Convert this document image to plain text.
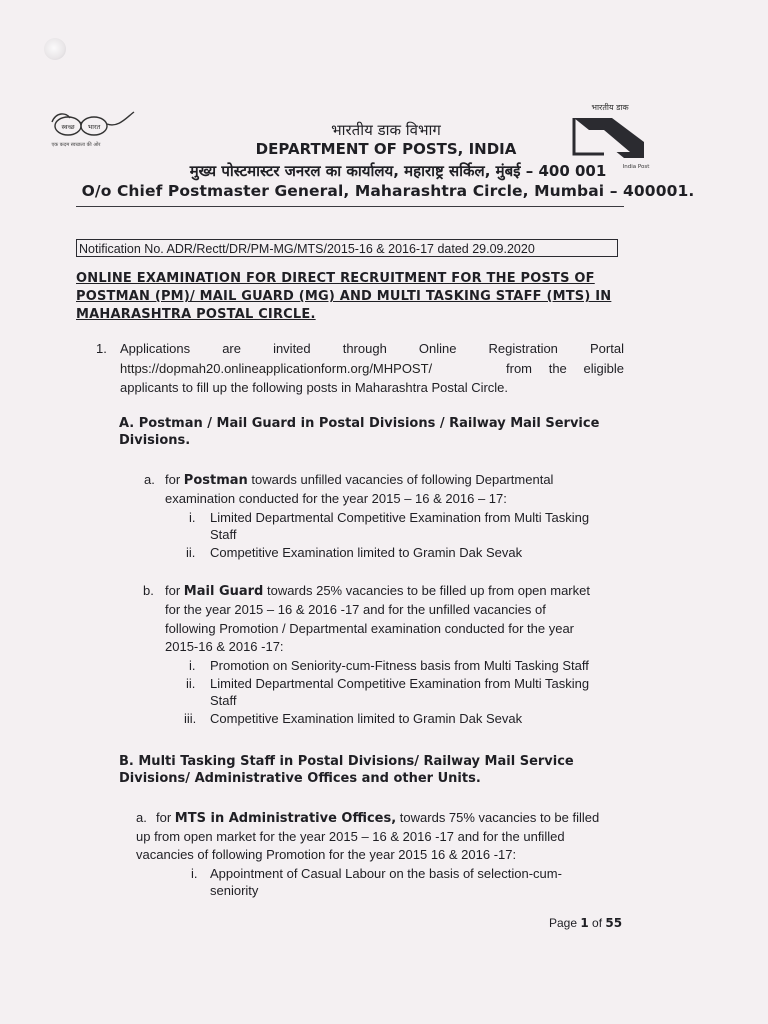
स्वच्छ भारत
एक कदम स्वच्छता की ओर
भारतीय डाक
India Post
भारतीय डाक विभाग
DEPARTMENT OF POSTS, INDIA
मुख्य पोस्टमास्टर जनरल का कार्यालय, महाराष्ट्र सर्किल, मुंबई – 400 001
O/o Chief Postmaster General, Maharashtra Circle, Mumbai – 400001.
Notification No. ADR/Rectt/DR/PM-MG/MTS/2015-16 & 2016-17 dated 29.09.2020
ONLINE EXAMINATION FOR DIRECT RECRUITMENT FOR THE POSTS OF
POSTMAN (PM)/ MAIL GUARD (MG) AND MULTI TASKING STAFF (MTS) IN
MAHARASHTRA POSTAL CIRCLE.
1. Applications are invited through Online Registration Portal
https://dopmah20.onlineapplicationform.org/MHPOST/	from the eligible
applicants to fill up the following posts in Maharashtra Postal Circle.
A. Postman / Mail Guard in Postal Divisions / Railway Mail Service
Divisions.
a. for Postman towards unfilled vacancies of following Departmental
examination conducted for the year 2015 – 16 & 2016 – 17:
i. Limited Departmental Competitive Examination from Multi Tasking
Staff
ii. Competitive Examination limited to Gramin Dak Sevak
b. for Mail Guard towards 25% vacancies to be filled up from open market
for the year 2015 – 16 & 2016 -17 and for the unfilled vacancies of
following Promotion / Departmental examination conducted for the year
2015-16 & 2016 -17:
i. Promotion on Seniority-cum-Fitness basis from Multi Tasking Staff
ii. Limited Departmental Competitive Examination from Multi Tasking
Staff
iii. Competitive Examination limited to Gramin Dak Sevak
B. Multi Tasking Staff in Postal Divisions/ Railway Mail Service
Divisions/ Administrative Offices and other Units.
a. for MTS in Administrative Offices, towards 75% vacancies to be filled
up from open market for the year 2015 – 16 & 2016 -17 and for the unfilled
vacancies of following Promotion for the year 2015 16 & 2016 -17:
i. Appointment of Casual Labour on the basis of selection-cum-
seniority
Page 1 of 55
